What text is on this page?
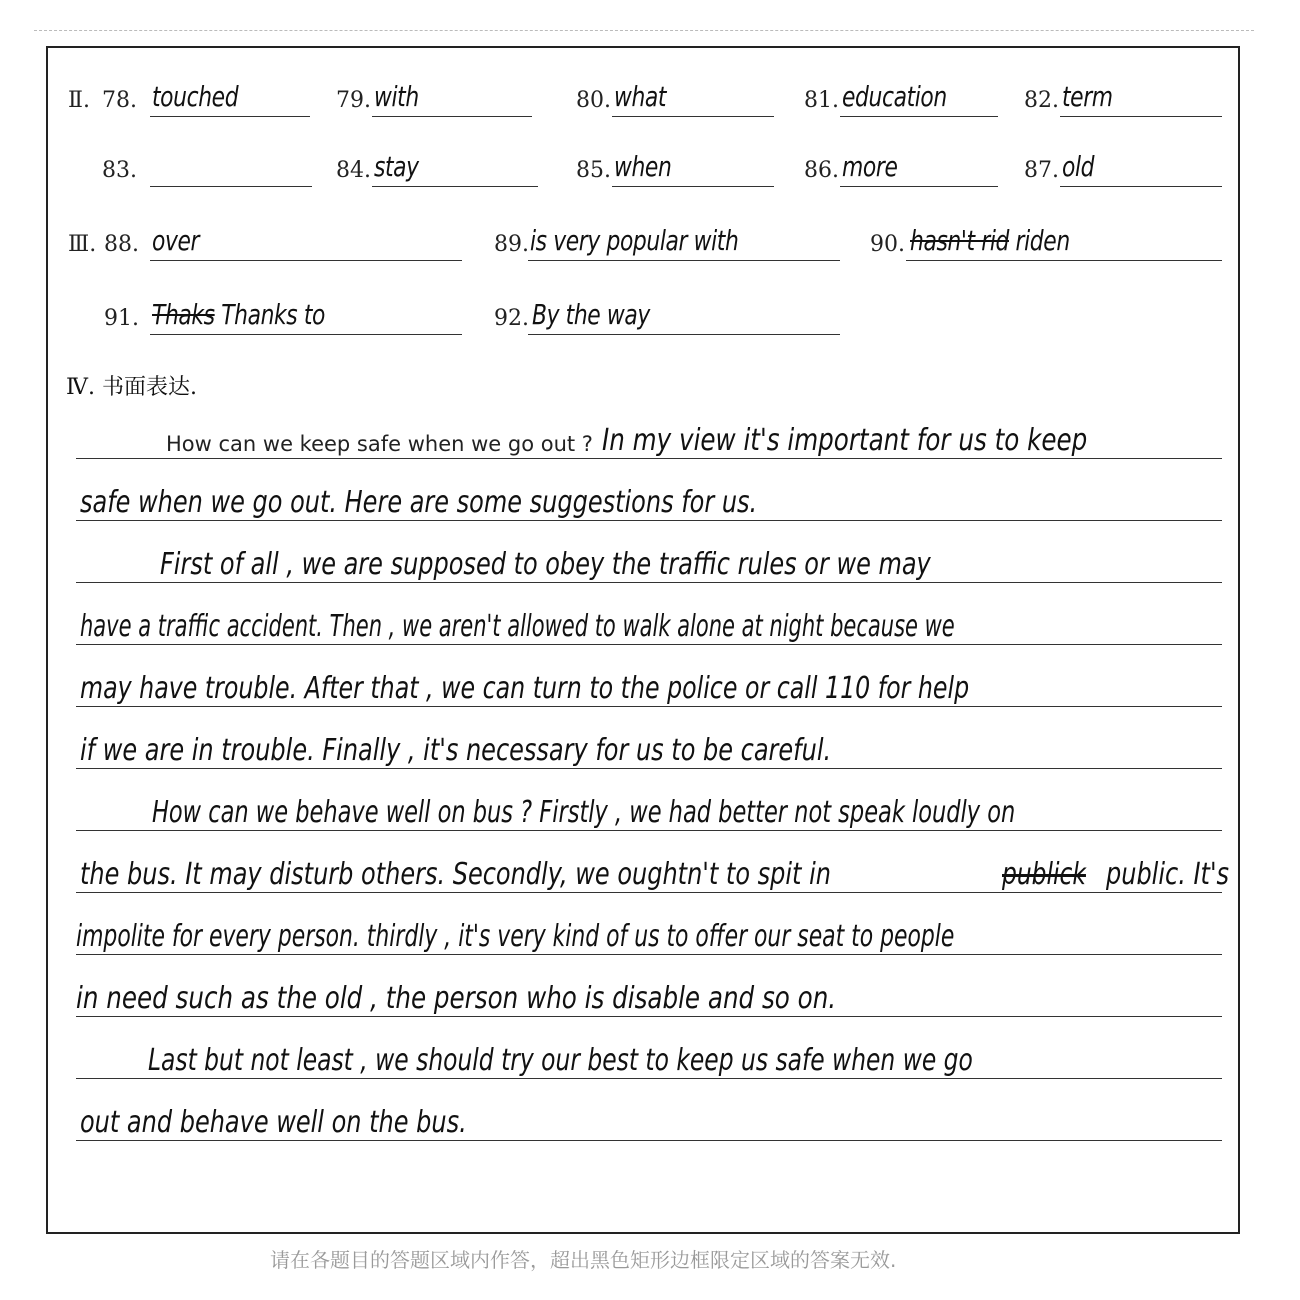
Ⅱ. 78. touched	79. with	80. what	81. education	82. term
83.	84. stay	85. when	86. more	87. old
Ⅲ. 88. over	89. is very popular with	90. hasn't rid riden
91. Thaks Thanks to	92. By the way
Ⅳ. 书面表达.
How can we keep safe when we go out ? In my view it's important for us to keep
safe when we go out. Here are some suggestions for us.
First of all , we are supposed to obey the traffic rules or we may
have a traffic accident. Then , we aren't allowed to walk alone at night because we
may have trouble. After that , we can turn to the police or call 110 for help
if we are in trouble. Finally , it's necessary for us to be careful.
How can we behave well on bus ? Firstly , we had better not speak loudly on
the bus. It may disturb others. Secondly, we oughtn't to spit in	publick public. It's
impolite for every person. thirdly , it's very kind of us to offer our seat to people
in need such as the old , the person who is disable and so on.
Last but not least , we should try our best to keep us safe when we go
out and behave well on the bus.
请在各题目的答题区域内作答，超出黑色矩形边框限定区域的答案无效.
